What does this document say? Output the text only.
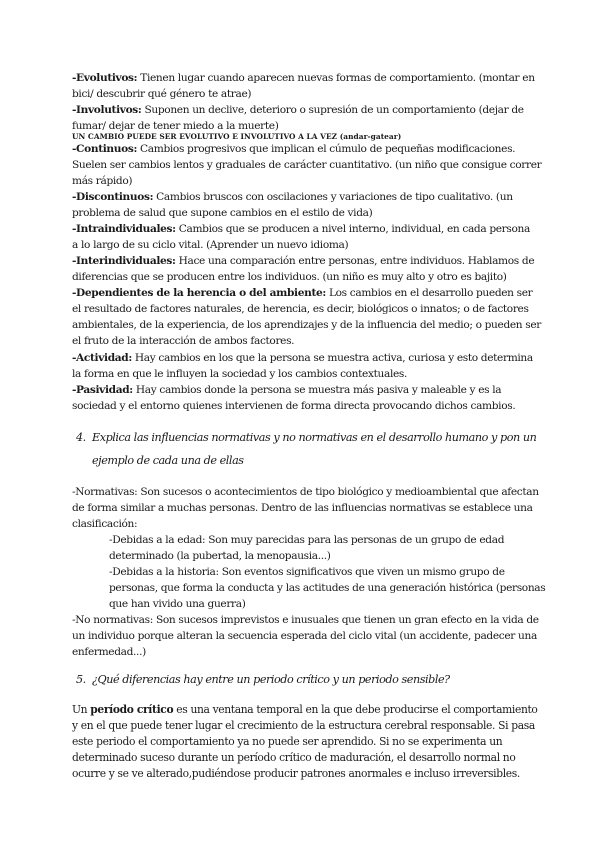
-Evolutivos: Tienen lugar cuando aparecen nuevas formas de comportamiento. (montar en

bici/ descubrir qué género te atrae)

-Involutivos: Suponen un declive, deterioro o supresión de un comportamiento (dejar de

fumar/ dejar de tener miedo a la muerte)

UN CAMBIO PUEDE SER EVOLUTIVO E INVOLUTIVO A LA VEZ (andar-gatear)

-Continuos: Cambios progresivos que implican el cúmulo de pequeñas modificaciones.

Suelen ser cambios lentos y graduales de carácter cuantitativo. (un niño que consigue correr

más rápido)

-Discontinuos: Cambios bruscos con oscilaciones y variaciones de tipo cualitativo. (un

problema de salud que supone cambios en el estilo de vida)

-Intraindividuales: Cambios que se producen a nivel interno, individual, en cada persona

a lo largo de su ciclo vital. (Aprender un nuevo idioma)

-Interindividuales: Hace una comparación entre personas, entre individuos. Hablamos de

diferencias que se producen entre los individuos. (un niño es muy alto y otro es bajito)

-Dependientes de la herencia o del ambiente: Los cambios en el desarrollo pueden ser

el resultado de factores naturales, de herencia, es decir, biológicos o innatos; o de factores

ambientales, de la experiencia, de los aprendizajes y de la influencia del medio; o pueden ser

el fruto de la interacción de ambos factores.

-Actividad: Hay cambios en los que la persona se muestra activa, curiosa y esto determina

la forma en que le influyen la sociedad y los cambios contextuales.

-Pasividad: Hay cambios donde la persona se muestra más pasiva y maleable y es la

sociedad y el entorno quienes intervienen de forma directa provocando dichos cambios.

4. Explica las influencias normativas y no normativas en el desarrollo humano y pon un
ejemplo de cada una de ellas

-Normativas: Son sucesos o acontecimientos de tipo biológico y medioambiental que afectan

de forma similar a muchas personas. Dentro de las influencias normativas se establece una

clasificación:

-Debidas a la edad: Son muy parecidas para las personas de un grupo de edad

determinado (la pubertad, la menopausia...)

-Debidas a la historia: Son eventos significativos que viven un mismo grupo de

personas, que forma la conducta y las actitudes de una generación histórica (personas

que han vivido una guerra)

-No normativas: Son sucesos imprevistos e inusuales que tienen un gran efecto en la vida de

un individuo porque alteran la secuencia esperada del ciclo vital (un accidente, padecer una

enfermedad...)

5. ¿Qué diferencias hay entre un periodo crítico y un periodo sensible?

Un período crítico es una ventana temporal en la que debe producirse el comportamiento

y en el que puede tener lugar el crecimiento de la estructura cerebral responsable. Si pasa

este periodo el comportamiento ya no puede ser aprendido. Si no se experimenta un

determinado suceso durante un período crítico de maduración, el desarrollo normal no

ocurre y se ve alterado,pudiéndose producir patrones anormales e incluso irreversibles.
